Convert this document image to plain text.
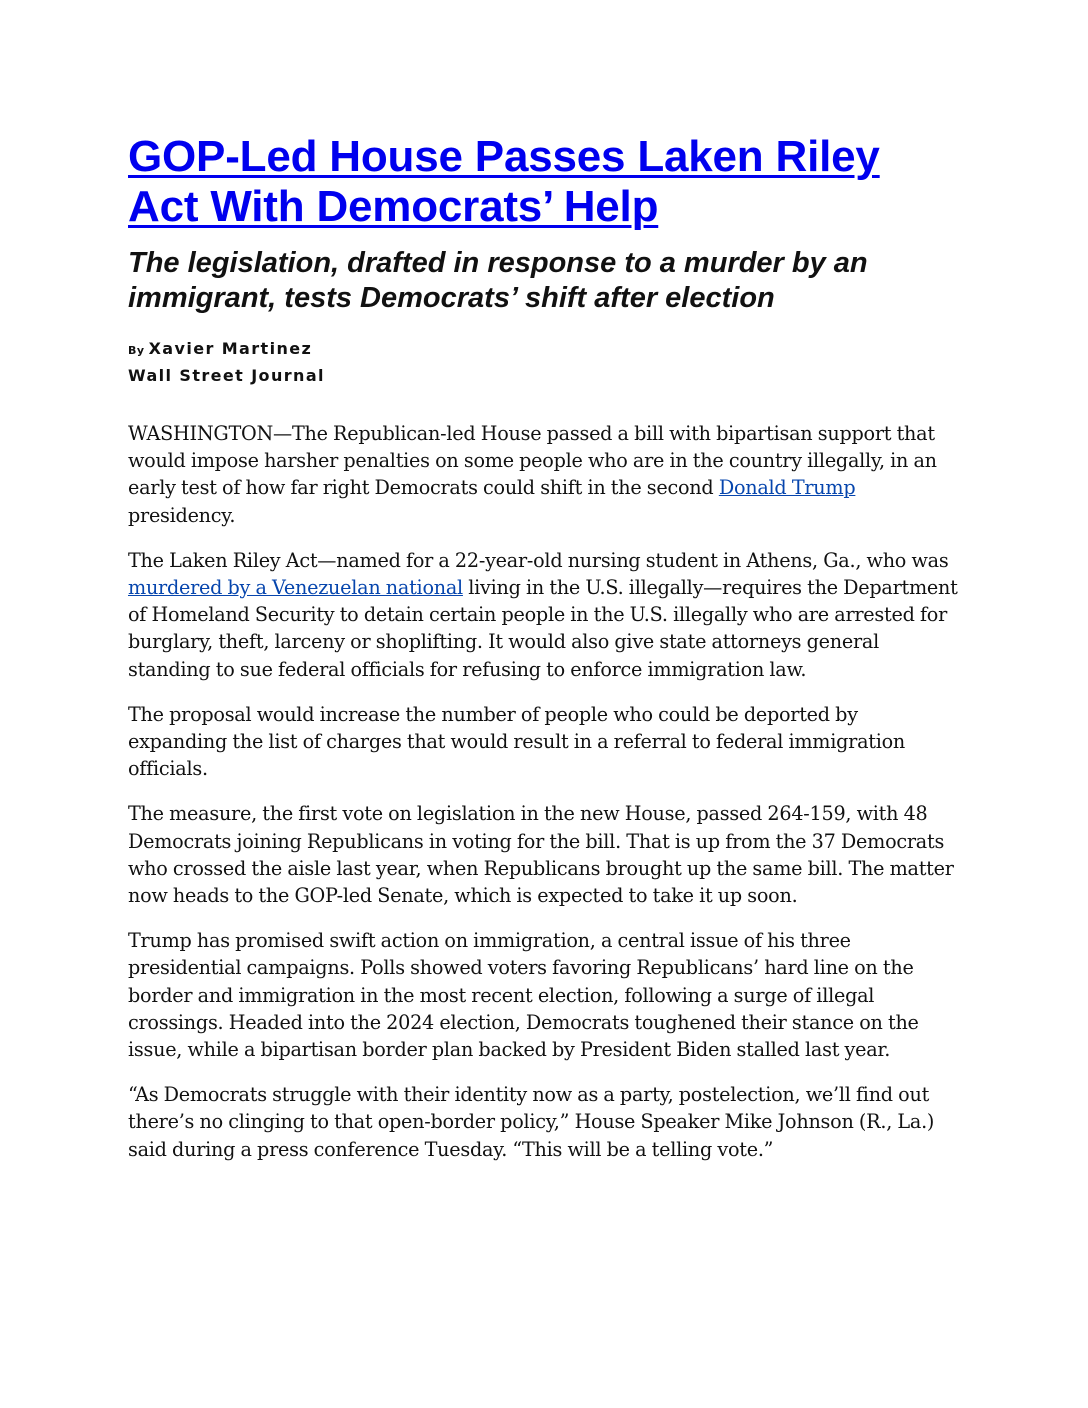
GOP-Led House Passes Laken Riley Act With Democrats’ Help
The legislation, drafted in response to a murder by an immigrant, tests Democrats’ shift after election
By Xavier Martinez
Wall Street Journal

WASHINGTON—The Republican-led House passed a bill with bipartisan support that would impose harsher penalties on some people who are in the country illegally, in an early test of how far right Democrats could shift in the second Donald Trump presidency.

The Laken Riley Act—named for a 22-year-old nursing student in Athens, Ga., who was murdered by a Venezuelan national living in the U.S. illegally—requires the Department of Homeland Security to detain certain people in the U.S. illegally who are arrested for burglary, theft, larceny or shoplifting. It would also give state attorneys general standing to sue federal officials for refusing to enforce immigration law.

The proposal would increase the number of people who could be deported by expanding the list of charges that would result in a referral to federal immigration officials.

The measure, the first vote on legislation in the new House, passed 264-159, with 48 Democrats joining Republicans in voting for the bill. That is up from the 37 Democrats who crossed the aisle last year, when Republicans brought up the same bill. The matter now heads to the GOP-led Senate, which is expected to take it up soon.

Trump has promised swift action on immigration, a central issue of his three presidential campaigns. Polls showed voters favoring Republicans’ hard line on the border and immigration in the most recent election, following a surge of illegal crossings. Headed into the 2024 election, Democrats toughened their stance on the issue, while a bipartisan border plan backed by President Biden stalled last year.

“As Democrats struggle with their identity now as a party, postelection, we’ll find out there’s no clinging to that open-border policy,” House Speaker Mike Johnson (R., La.) said during a press conference Tuesday. “This will be a telling vote.”
